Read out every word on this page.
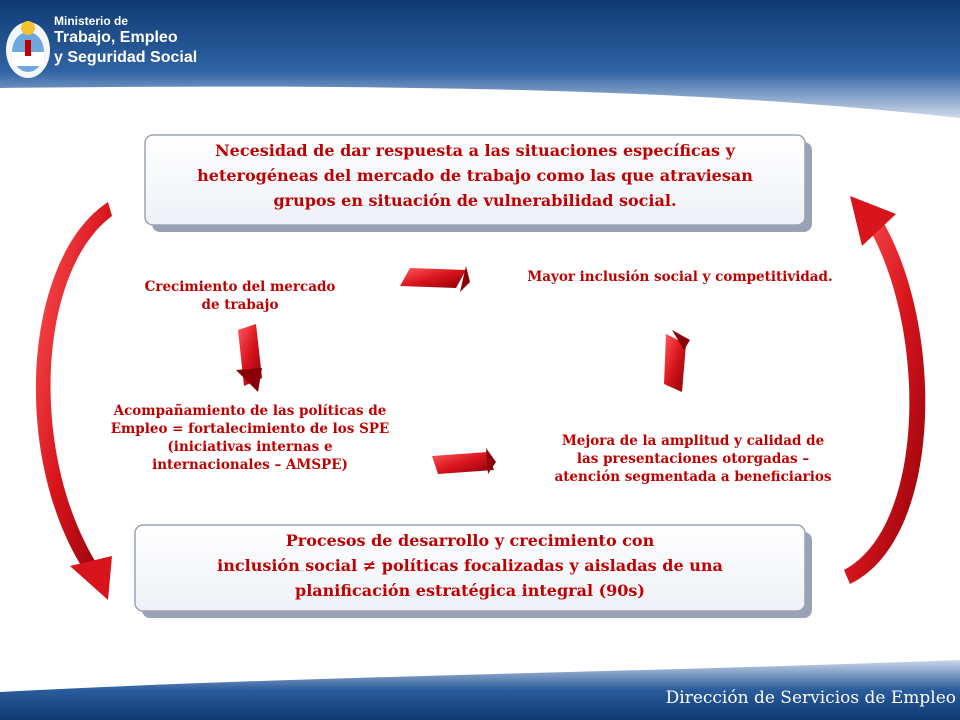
Ministerio de
Trabajo, Empleo
y Seguridad Social
Necesidad de dar respuesta a las situaciones específicas y
heterogéneas del mercado de trabajo como las que atraviesan
grupos en situación de vulnerabilidad social.
Crecimiento del mercado
de trabajo
Mayor inclusión social y competitividad.
Acompañamiento de las políticas de
Empleo = fortalecimiento de los SPE
(iniciativas internas e
internacionales – AMSPE)
Mejora de la amplitud y calidad de
las presentaciones otorgadas –
atención segmentada a beneficiarios
Procesos de desarrollo y crecimiento con
inclusión social ≠ políticas focalizadas y aisladas de una
planificación estratégica integral (90s)
Dirección de Servicios de Empleo
